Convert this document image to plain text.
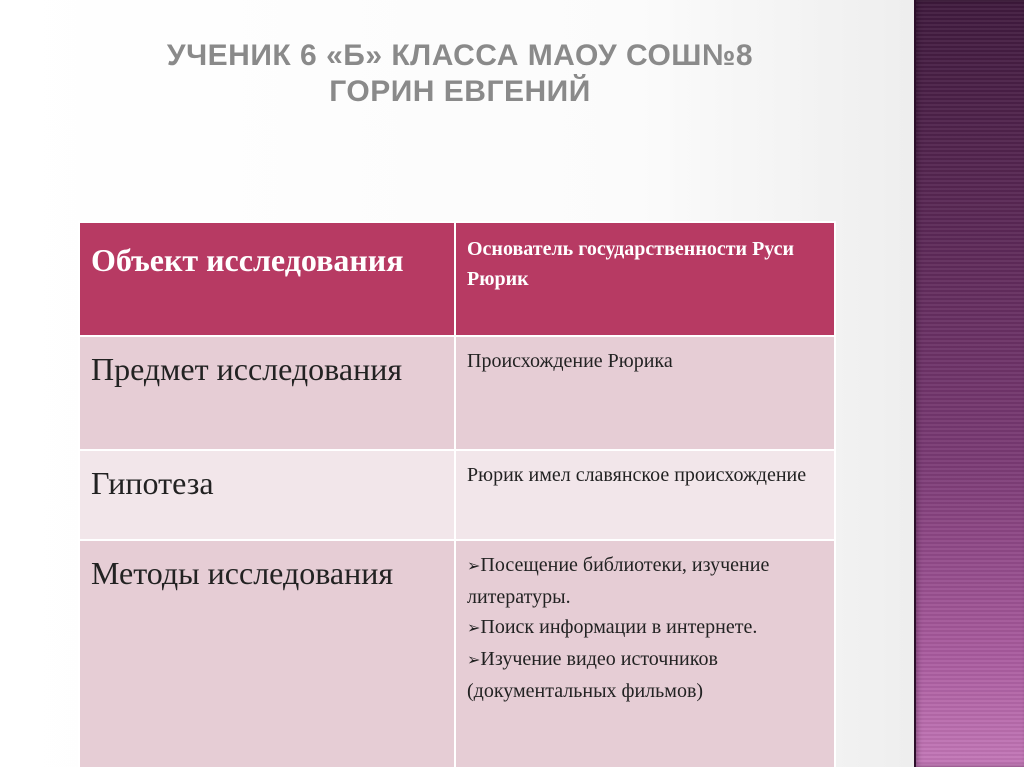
УЧЕНИК 6 «Б» КЛАССА МАОУ СОШ№8
ГОРИН ЕВГЕНИЙ
Объект исследования	Основатель государственности Руси Рюрик

Предмет исследования	Происхождение Рюрика

Гипотеза	Рюрик имел славянское происхождение

Методы исследования	➢Посещение библиотеки, изучение литературы.
➢Поиск информации в интернете.
➢Изучение видео источников (документальных фильмов)
